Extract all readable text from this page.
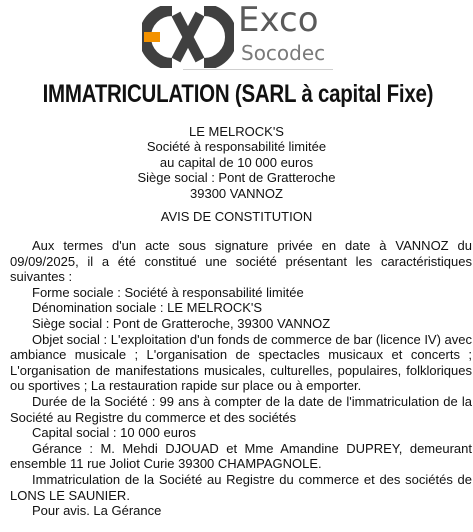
Exco
Socodec
IMMATRICULATION (SARL à capital Fixe)
LE MELROCK'S
Société à responsabilité limitée
au capital de 10 000 euros
Siège social : Pont de Gratteroche
39300 VANNOZ
AVIS DE CONSTITUTION

Aux termes d'un acte sous signature privée en date à VANNOZ du 09/09/2025, il a été constitué une société présentant les caractéristiques suivantes :

Forme sociale : Société à responsabilité limitée

Dénomination sociale : LE MELROCK'S

Siège social : Pont de Gratteroche, 39300 VANNOZ

Objet social : L'exploitation d'un fonds de commerce de bar (licence IV) avec ambiance musicale ; L'organisation de spectacles musicaux et concerts ; L'organisation de manifestations musicales, culturelles, populaires, folkloriques ou sportives ; La restauration rapide sur place ou à emporter.

Durée de la Société : 99 ans à compter de la date de l'immatriculation de la Société au Registre du commerce et des sociétés

Capital social : 10 000 euros

Gérance : M. Mehdi DJOUAD et Mme Amandine DUPREY, demeurant ensemble 11 rue Joliot Curie 39300 CHAMPAGNOLE.

Immatriculation de la Société au Registre du commerce et des sociétés de LONS LE SAUNIER.

Pour avis. La Gérance
